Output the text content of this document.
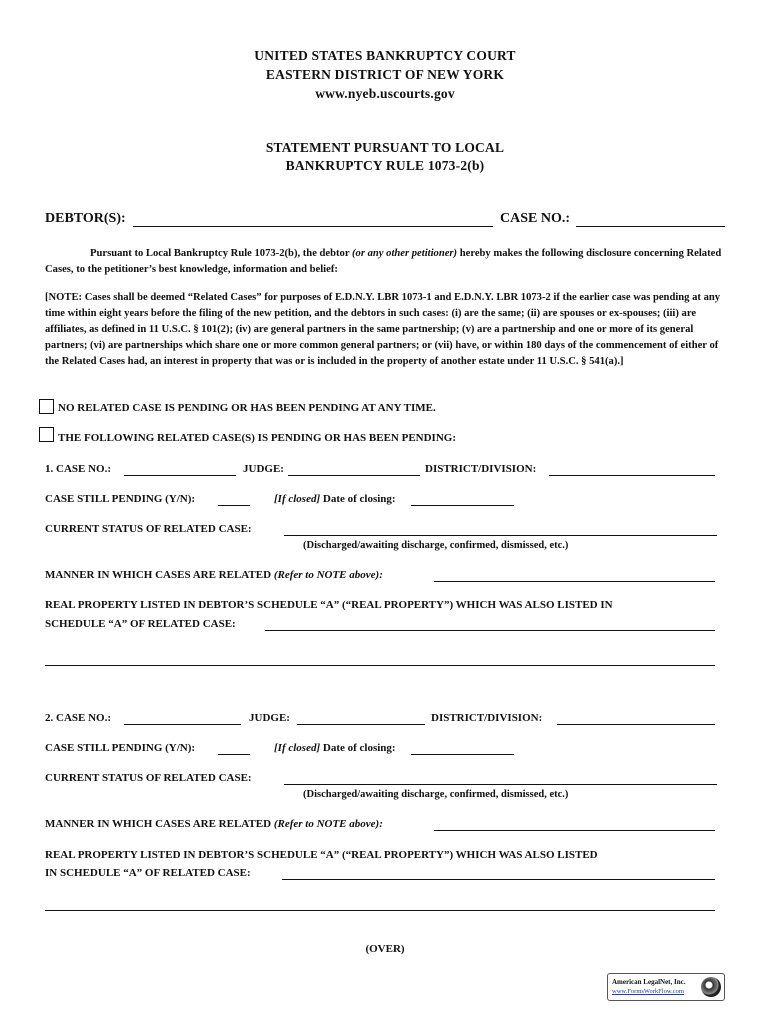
UNITED STATES BANKRUPTCY COURT
EASTERN DISTRICT OF NEW YORK
www.nyeb.uscourts.gov
STATEMENT PURSUANT TO LOCAL
BANKRUPTCY RULE 1073-2(b)
DEBTOR(S):	CASE NO.:
Pursuant to Local Bankruptcy Rule 1073-2(b), the debtor (or any other petitioner) hereby makes the following disclosure concerning Related Cases, to the petitioner’s best knowledge, information and belief:
[NOTE: Cases shall be deemed “Related Cases” for purposes of E.D.N.Y. LBR 1073-1 and E.D.N.Y. LBR 1073-2 if the earlier case was pending at any time within eight years before the filing of the new petition, and the debtors in such cases: (i) are the same; (ii) are spouses or ex-spouses; (iii) are affiliates, as defined in 11 U.S.C. § 101(2); (iv) are general partners in the same partnership; (v) are a partnership and one or more of its general partners; (vi) are partnerships which share one or more common general partners; or (vii) have, or within 180 days of the commencement of either of the Related Cases had, an interest in property that was or is included in the property of another estate under 11 U.S.C. § 541(a).]
NO RELATED CASE IS PENDING OR HAS BEEN PENDING AT ANY TIME.
THE FOLLOWING RELATED CASE(S) IS PENDING OR HAS BEEN PENDING:
1. CASE NO.:	JUDGE:	DISTRICT/DIVISION:
CASE STILL PENDING (Y/N):	[If closed] Date of closing:
CURRENT STATUS OF RELATED CASE:
(Discharged/awaiting discharge, confirmed, dismissed, etc.)
MANNER IN WHICH CASES ARE RELATED (Refer to NOTE above):
REAL PROPERTY LISTED IN DEBTOR’S SCHEDULE “A” (“REAL PROPERTY”) WHICH WAS ALSO LISTED IN
SCHEDULE “A” OF RELATED CASE:
2. CASE NO.:	JUDGE:	DISTRICT/DIVISION:
CASE STILL PENDING (Y/N):	[If closed] Date of closing:
CURRENT STATUS OF RELATED CASE:
(Discharged/awaiting discharge, confirmed, dismissed, etc.)
MANNER IN WHICH CASES ARE RELATED (Refer to NOTE above):
REAL PROPERTY LISTED IN DEBTOR’S SCHEDULE “A” (“REAL PROPERTY”) WHICH WAS ALSO LISTED
IN SCHEDULE “A” OF RELATED CASE:
(OVER)
American LegalNet, Inc.
www.FormsWorkFlow.com
